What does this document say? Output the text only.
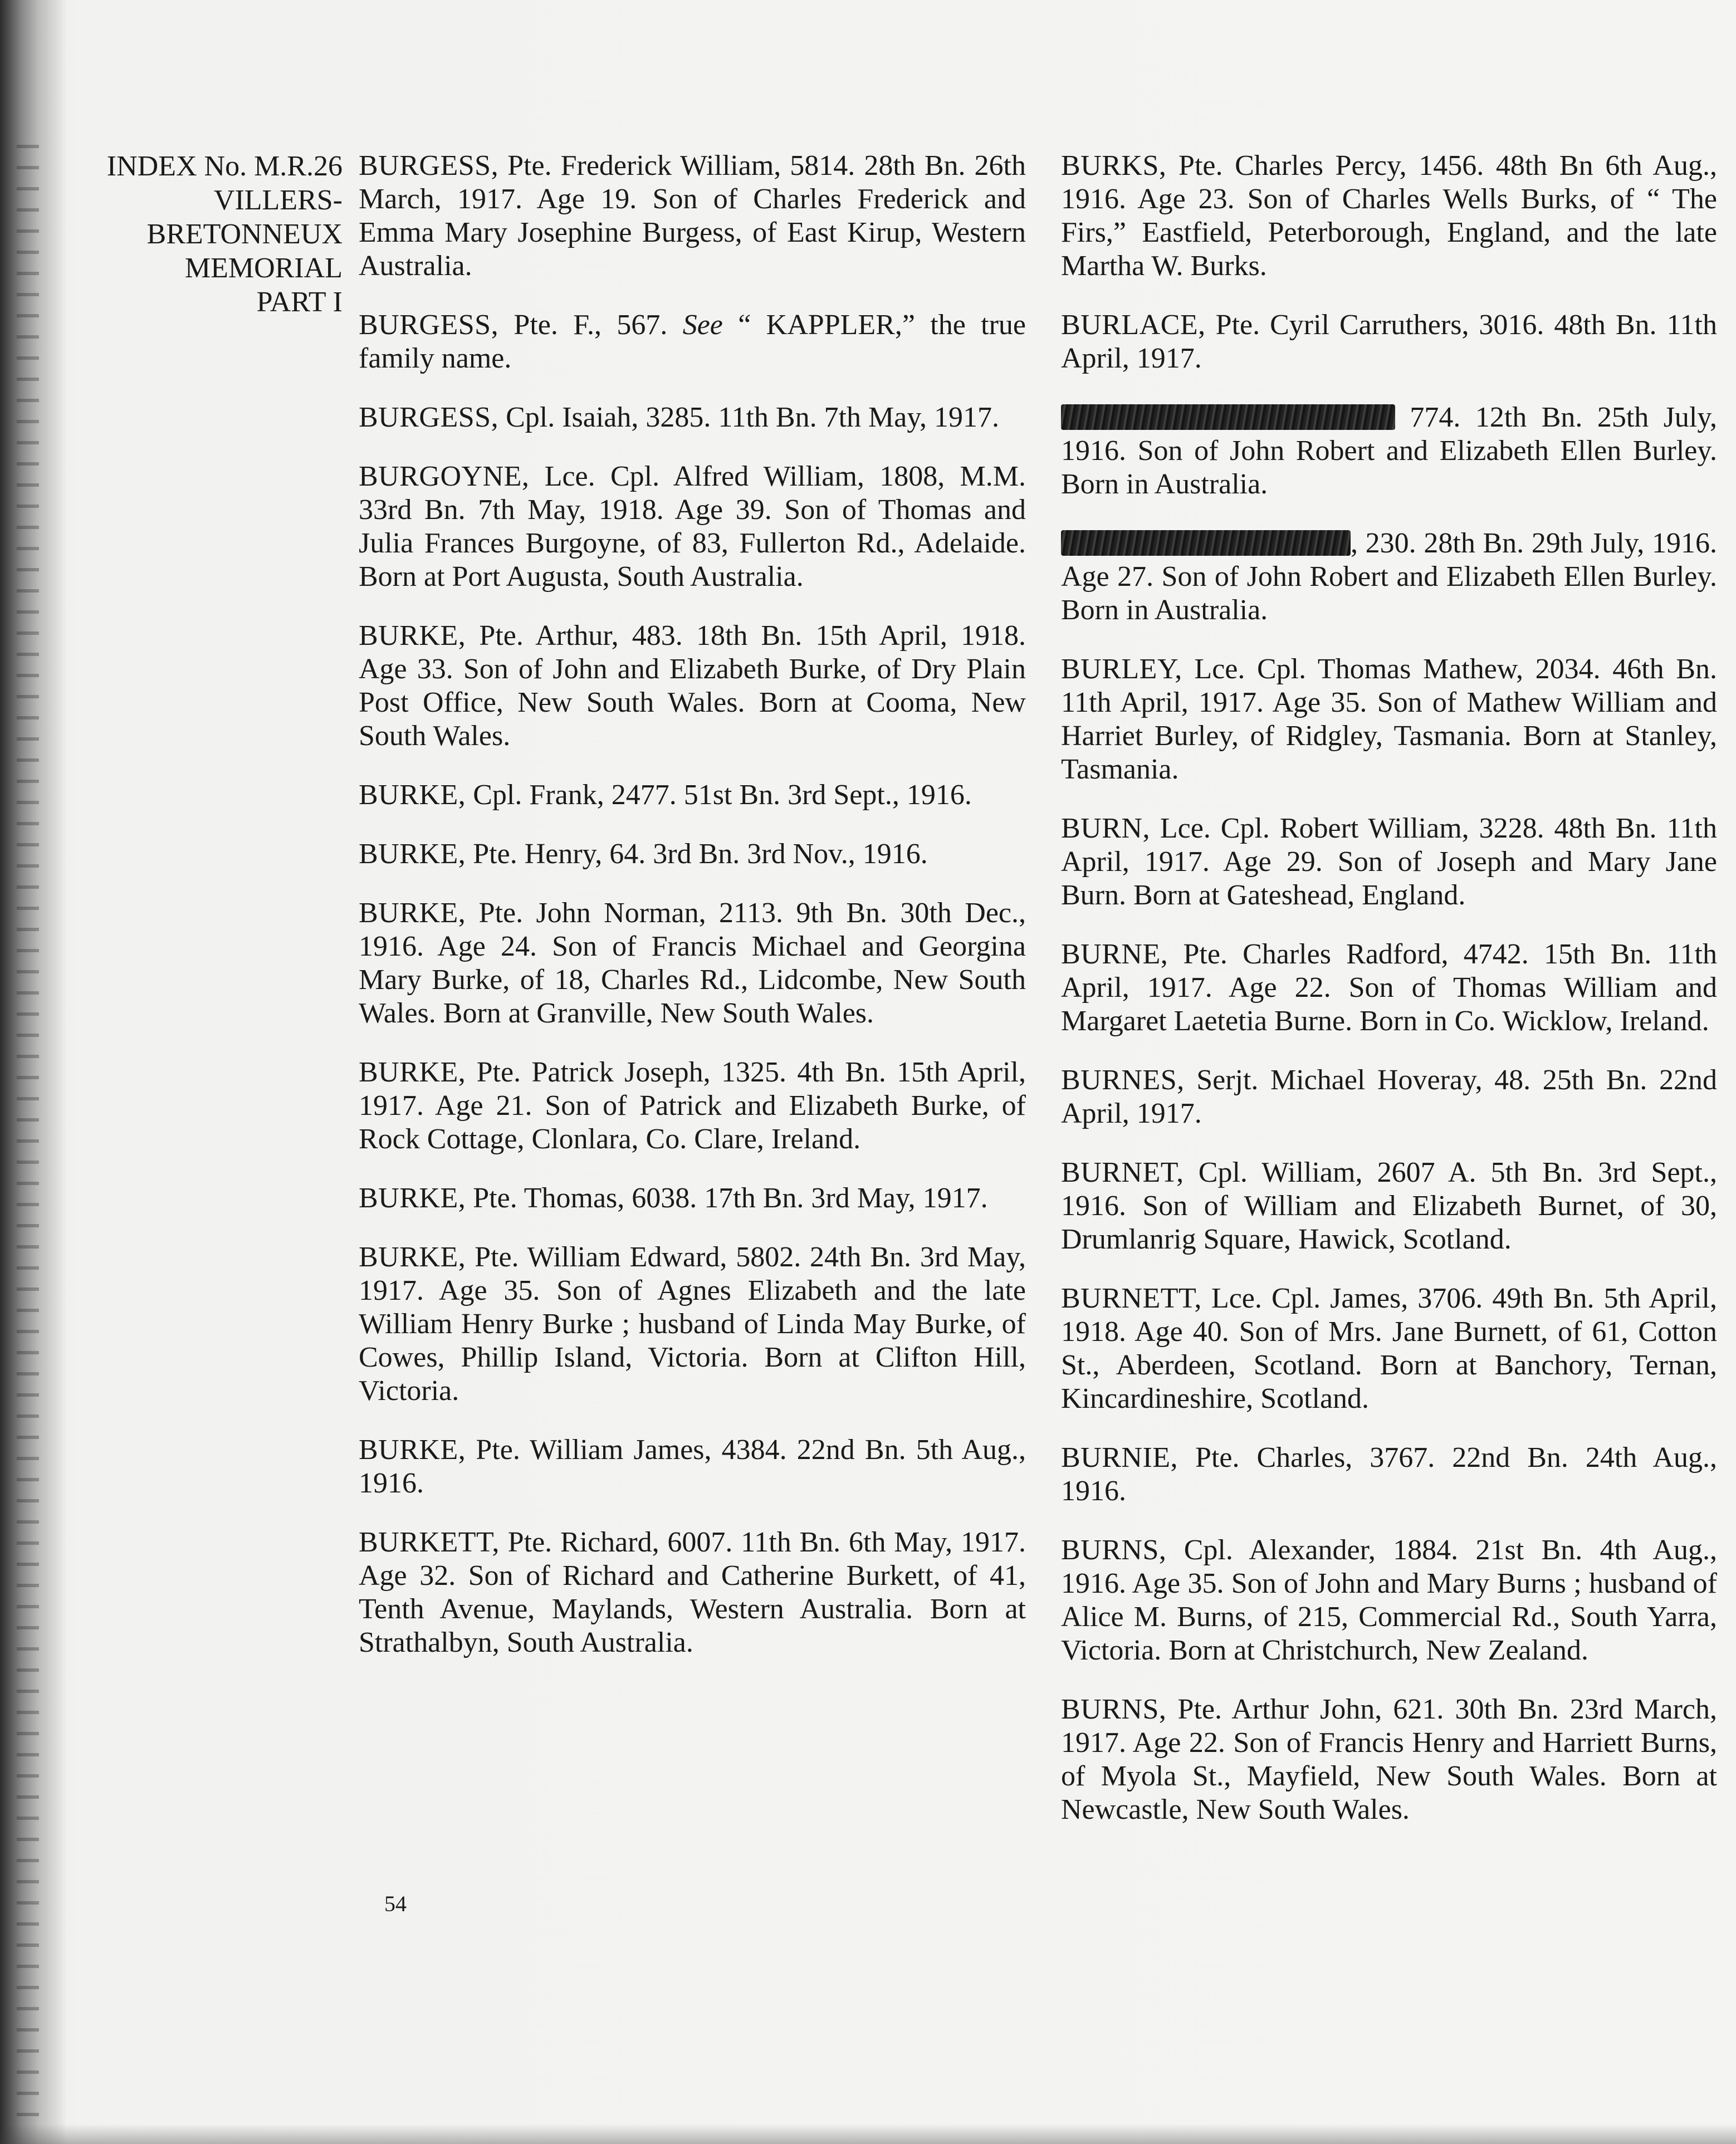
INDEX No. M.R.26
VILLERS-
BRETONNEUX
MEMORIAL
PART I
BURGESS, Pte. Frederick William, 5814. 28th Bn. 26th March, 1917. Age 19. Son of Charles Frederick and Emma Mary Josephine Burgess, of East Kirup, Western Australia.
BURGESS, Pte. F., 567. See “ KAPPLER,” the true family name.
BURGESS, Cpl. Isaiah, 3285. 11th Bn. 7th May, 1917.
BURGOYNE, Lce. Cpl. Alfred William, 1808, M.M. 33rd Bn. 7th May, 1918. Age 39. Son of Thomas and Julia Frances Burgoyne, of 83, Fullerton Rd., Adelaide. Born at Port Augusta, South Australia.
BURKE, Pte. Arthur, 483. 18th Bn. 15th April, 1918. Age 33. Son of John and Elizabeth Burke, of Dry Plain Post Office, New South Wales. Born at Cooma, New South Wales.
BURKE, Cpl. Frank, 2477. 51st Bn. 3rd Sept., 1916.
BURKE, Pte. Henry, 64. 3rd Bn. 3rd Nov., 1916.
BURKE, Pte. John Norman, 2113. 9th Bn. 30th Dec., 1916. Age 24. Son of Francis Michael and Georgina Mary Burke, of 18, Charles Rd., Lidcombe, New South Wales. Born at Granville, New South Wales.
BURKE, Pte. Patrick Joseph, 1325. 4th Bn. 15th April, 1917. Age 21. Son of Patrick and Elizabeth Burke, of Rock Cottage, Clonlara, Co. Clare, Ireland.
BURKE, Pte. Thomas, 6038. 17th Bn. 3rd May, 1917.
BURKE, Pte. William Edward, 5802. 24th Bn. 3rd May, 1917. Age 35. Son of Agnes Elizabeth and the late William Henry Burke ; husband of Linda May Burke, of Cowes, Phillip Island, Victoria. Born at Clifton Hill, Victoria.
BURKE, Pte. William James, 4384. 22nd Bn. 5th Aug., 1916.
BURKETT, Pte. Richard, 6007. 11th Bn. 6th May, 1917. Age 32. Son of Richard and Catherine Burkett, of 41, Tenth Avenue, Maylands, Western Australia. Born at Strathalbyn, South Australia.
BURKS, Pte. Charles Percy, 1456. 48th Bn 6th Aug., 1916. Age 23. Son of Charles Wells Burks, of “ The Firs,” Eastfield, Peterborough, England, and the late Martha W. Burks.
BURLACE, Pte. Cyril Carruthers, 3016. 48th Bn. 11th April, 1917.
774. 12th Bn. 25th July, 1916. Son of John Robert and Elizabeth Ellen Burley. Born in Australia.
, 230. 28th Bn. 29th July, 1916. Age 27. Son of John Robert and Elizabeth Ellen Burley. Born in Australia.
BURLEY, Lce. Cpl. Thomas Mathew, 2034. 46th Bn. 11th April, 1917. Age 35. Son of Mathew William and Harriet Burley, of Ridgley, Tasmania. Born at Stanley, Tasmania.
BURN, Lce. Cpl. Robert William, 3228. 48th Bn. 11th April, 1917. Age 29. Son of Joseph and Mary Jane Burn. Born at Gateshead, England.
BURNE, Pte. Charles Radford, 4742. 15th Bn. 11th April, 1917. Age 22. Son of Thomas William and Margaret Laetetia Burne. Born in Co. Wicklow, Ireland.
BURNES, Serjt. Michael Hoveray, 48. 25th Bn. 22nd April, 1917.
BURNET, Cpl. William, 2607 A. 5th Bn. 3rd Sept., 1916. Son of William and Elizabeth Burnet, of 30, Drumlanrig Square, Hawick, Scotland.
BURNETT, Lce. Cpl. James, 3706. 49th Bn. 5th April, 1918. Age 40. Son of Mrs. Jane Burnett, of 61, Cotton St., Aberdeen, Scotland. Born at Banchory, Ternan, Kincardineshire, Scotland.
BURNIE, Pte. Charles, 3767. 22nd Bn. 24th Aug., 1916.
BURNS, Cpl. Alexander, 1884. 21st Bn. 4th Aug., 1916. Age 35. Son of John and Mary Burns ; husband of Alice M. Burns, of 215, Commercial Rd., South Yarra, Victoria. Born at Christchurch, New Zealand.
BURNS, Pte. Arthur John, 621. 30th Bn. 23rd March, 1917. Age 22. Son of Francis Henry and Harriett Burns, of Myola St., Mayfield, New South Wales. Born at Newcastle, New South Wales.
54
